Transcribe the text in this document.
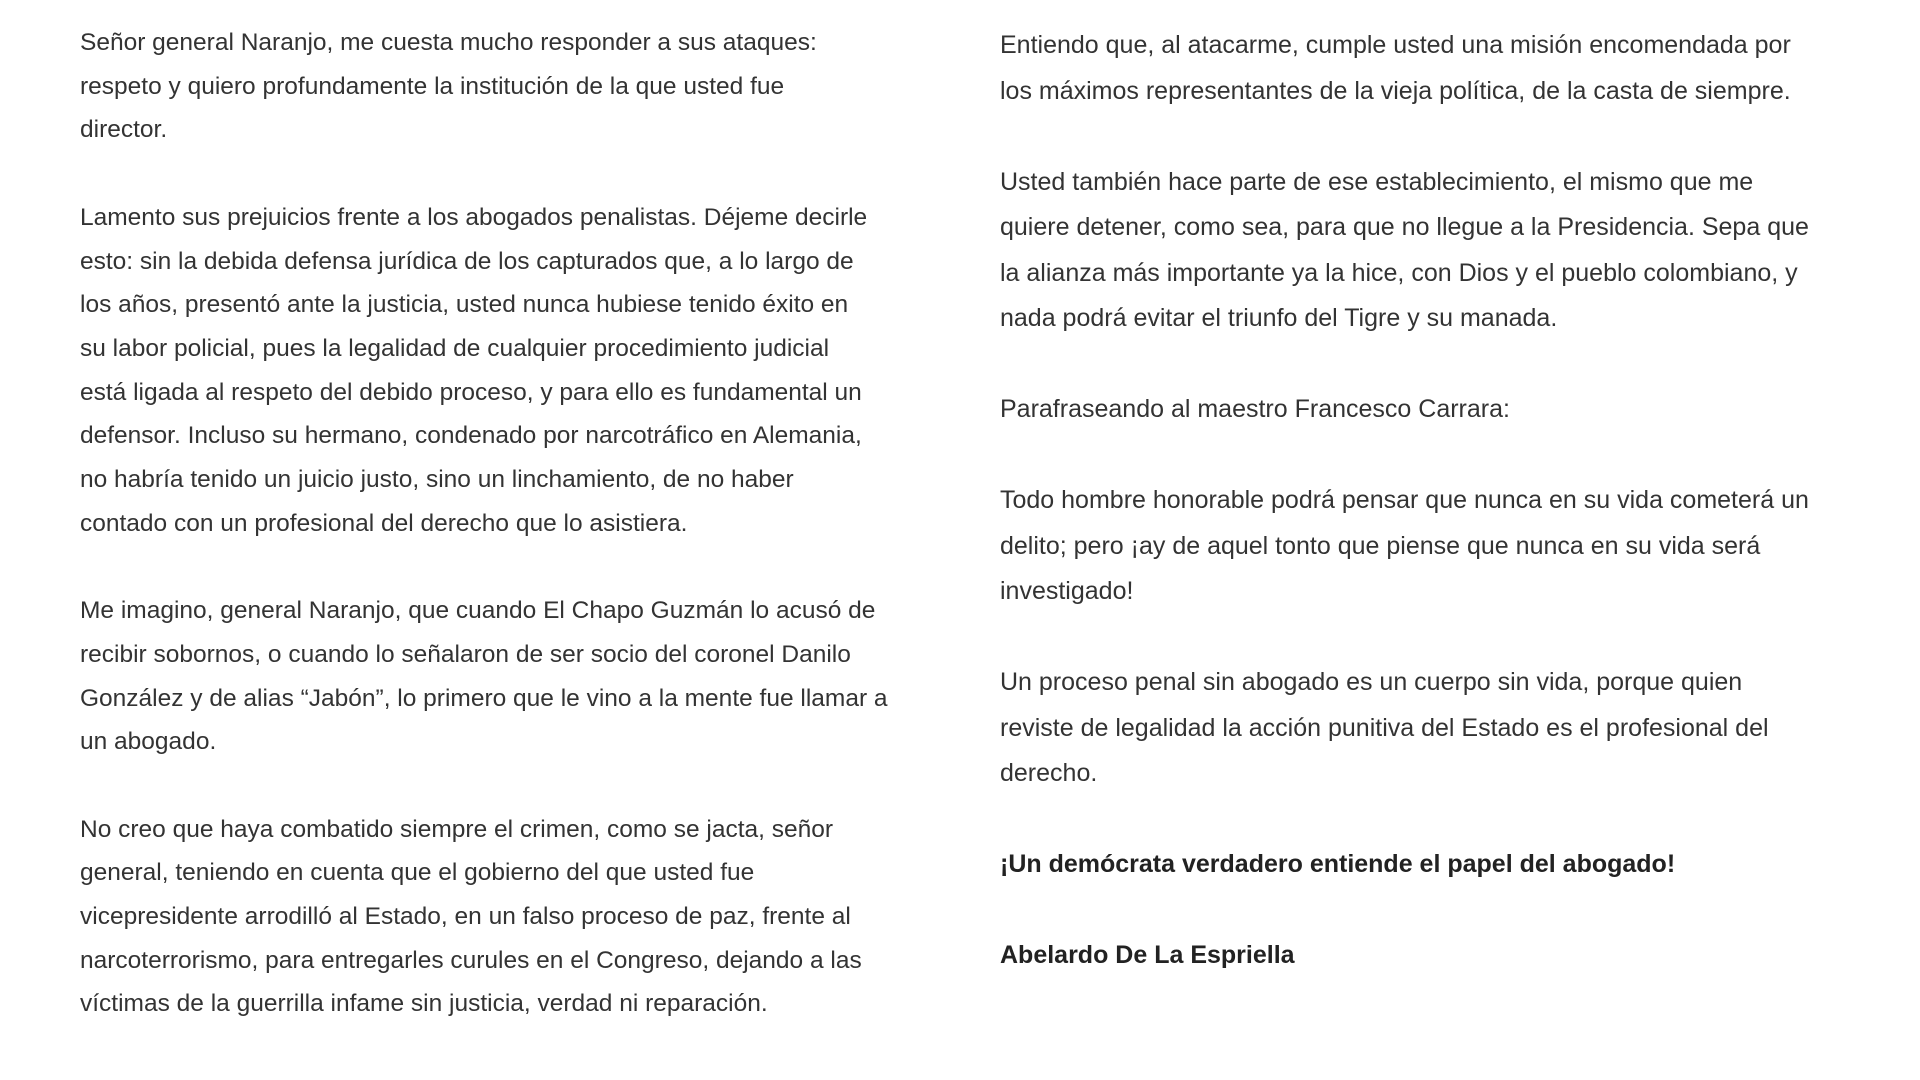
Señor general Naranjo, me cuesta mucho responder a sus ataques:
respeto y quiero profundamente la institución de la que usted fue
director.

Lamento sus prejuicios frente a los abogados penalistas. Déjeme decirle
esto: sin la debida defensa jurídica de los capturados que, a lo largo de
los años, presentó ante la justicia, usted nunca hubiese tenido éxito en
su labor policial, pues la legalidad de cualquier procedimiento judicial
está ligada al respeto del debido proceso, y para ello es fundamental un
defensor. Incluso su hermano, condenado por narcotráfico en Alemania,
no habría tenido un juicio justo, sino un linchamiento, de no haber
contado con un profesional del derecho que lo asistiera.

Me imagino, general Naranjo, que cuando El Chapo Guzmán lo acusó de
recibir sobornos, o cuando lo señalaron de ser socio del coronel Danilo
González y de alias “Jabón”, lo primero que le vino a la mente fue llamar a
un abogado.

No creo que haya combatido siempre el crimen, como se jacta, señor
general, teniendo en cuenta que el gobierno del que usted fue
vicepresidente arrodilló al Estado, en un falso proceso de paz, frente al
narcoterrorismo, para entregarles curules en el Congreso, dejando a las
víctimas de la guerrilla infame sin justicia, verdad ni reparación.

Entiendo que, al atacarme, cumple usted una misión encomendada por
los máximos representantes de la vieja política, de la casta de siempre.

Usted también hace parte de ese establecimiento, el mismo que me
quiere detener, como sea, para que no llegue a la Presidencia. Sepa que
la alianza más importante ya la hice, con Dios y el pueblo colombiano, y
nada podrá evitar el triunfo del Tigre y su manada.

Parafraseando al maestro Francesco Carrara:

Todo hombre honorable podrá pensar que nunca en su vida cometerá un
delito; pero ¡ay de aquel tonto que piense que nunca en su vida será
investigado!

Un proceso penal sin abogado es un cuerpo sin vida, porque quien
reviste de legalidad la acción punitiva del Estado es el profesional del
derecho.

¡Un demócrata verdadero entiende el papel del abogado!

Abelardo De La Espriella
